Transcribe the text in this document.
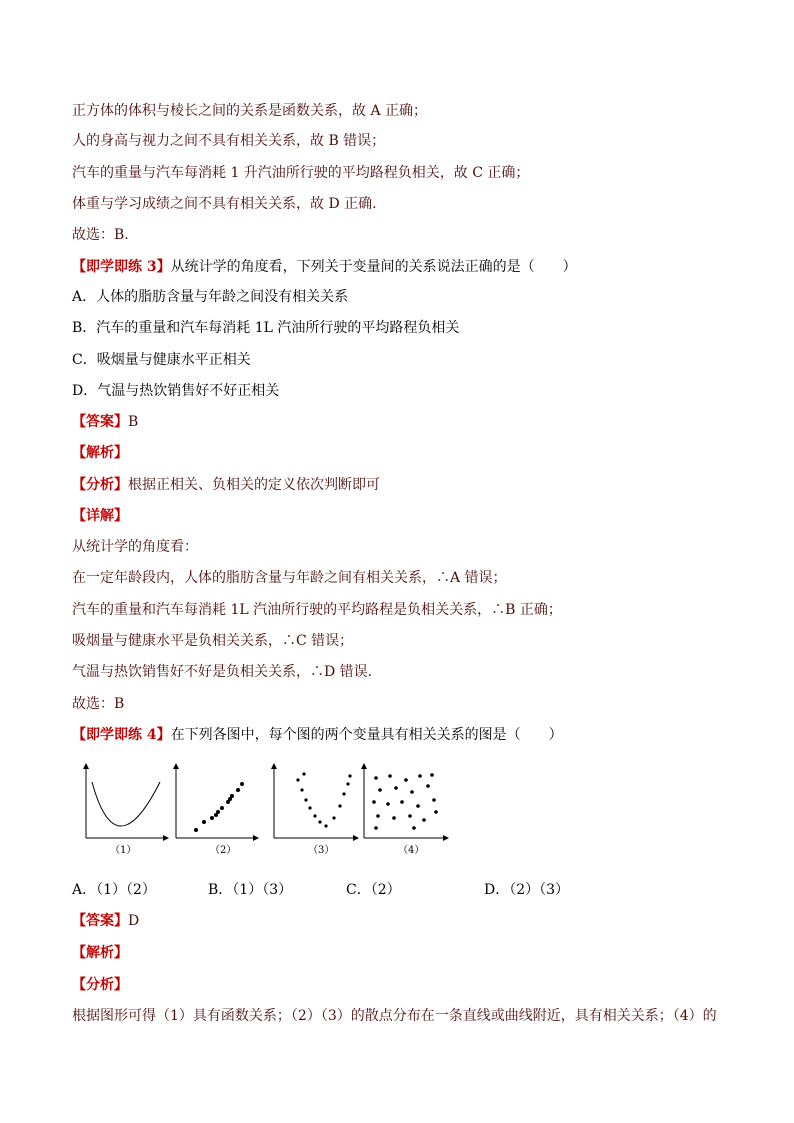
正方体的体积与棱长之间的关系是函数关系，故 A 正确；
人的身高与视力之间不具有相关关系，故 B 错误；
汽车的重量与汽车每消耗 1 升汽油所行驶的平均路程负相关，故 C 正确；
体重与学习成绩之间不具有相关关系，故 D 正确.
故选：B.
【即学即练 3】从统计学的角度看，下列关于变量间的关系说法正确的是（　　）
A．人体的脂肪含量与年龄之间没有相关关系
B．汽车的重量和汽车每消耗 1L 汽油所行驶的平均路程负相关
C．吸烟量与健康水平正相关
D．气温与热饮销售好不好正相关
【答案】B
【解析】
【分析】根据正相关、负相关的定义依次判断即可
【详解】
从统计学的角度看：
在一定年龄段内，人体的脂肪含量与年龄之间有相关关系，∴A 错误；
汽车的重量和汽车每消耗 1L 汽油所行驶的平均路程是负相关关系，∴B 正确；
吸烟量与健康水平是负相关关系，∴C 错误；
气温与热饮销售好不好是负相关关系，∴D 错误．
故选：B
【即学即练 4】在下列各图中，每个图的两个变量具有相关关系的图是（　　）
（1）	（2）	（3）	（4）
A．（1）（2）	B．（1）（3）	C．（2）	D．（2）（3）
【答案】D
【解析】
【分析】
根据图形可得（1）具有函数关系；（2）（3）的散点分布在一条直线或曲线附近，具有相关关系；（4）的
